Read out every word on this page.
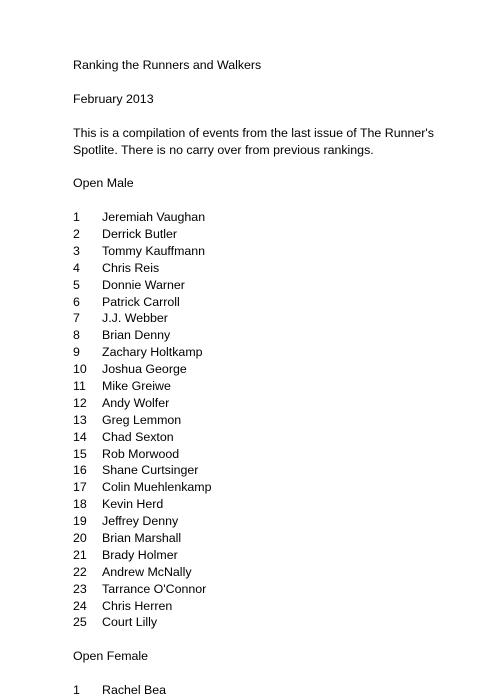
Ranking the Runners and Walkers

February 2013

This is a compilation of events from the last issue of The Runner's

Spotlite. There is no carry over from previous rankings.

Open Male

1	Jeremiah Vaughan
2	Derrick Butler
3	Tommy Kauffmann
4	Chris Reis
5	Donnie Warner
6	Patrick Carroll
7	J.J. Webber
8	Brian Denny
9	Zachary Holtkamp
10	Joshua George
11	Mike Greiwe
12	Andy Wolfer
13	Greg Lemmon
14	Chad Sexton
15	Rob Morwood
16	Shane Curtsinger
17	Colin Muehlenkamp
18	Kevin Herd
19	Jeffrey Denny
20	Brian Marshall
21	Brady Holmer
22	Andrew McNally
23	Tarrance O'Connor
24	Chris Herren
25	Court Lilly

Open Female

1	Rachel Bea
